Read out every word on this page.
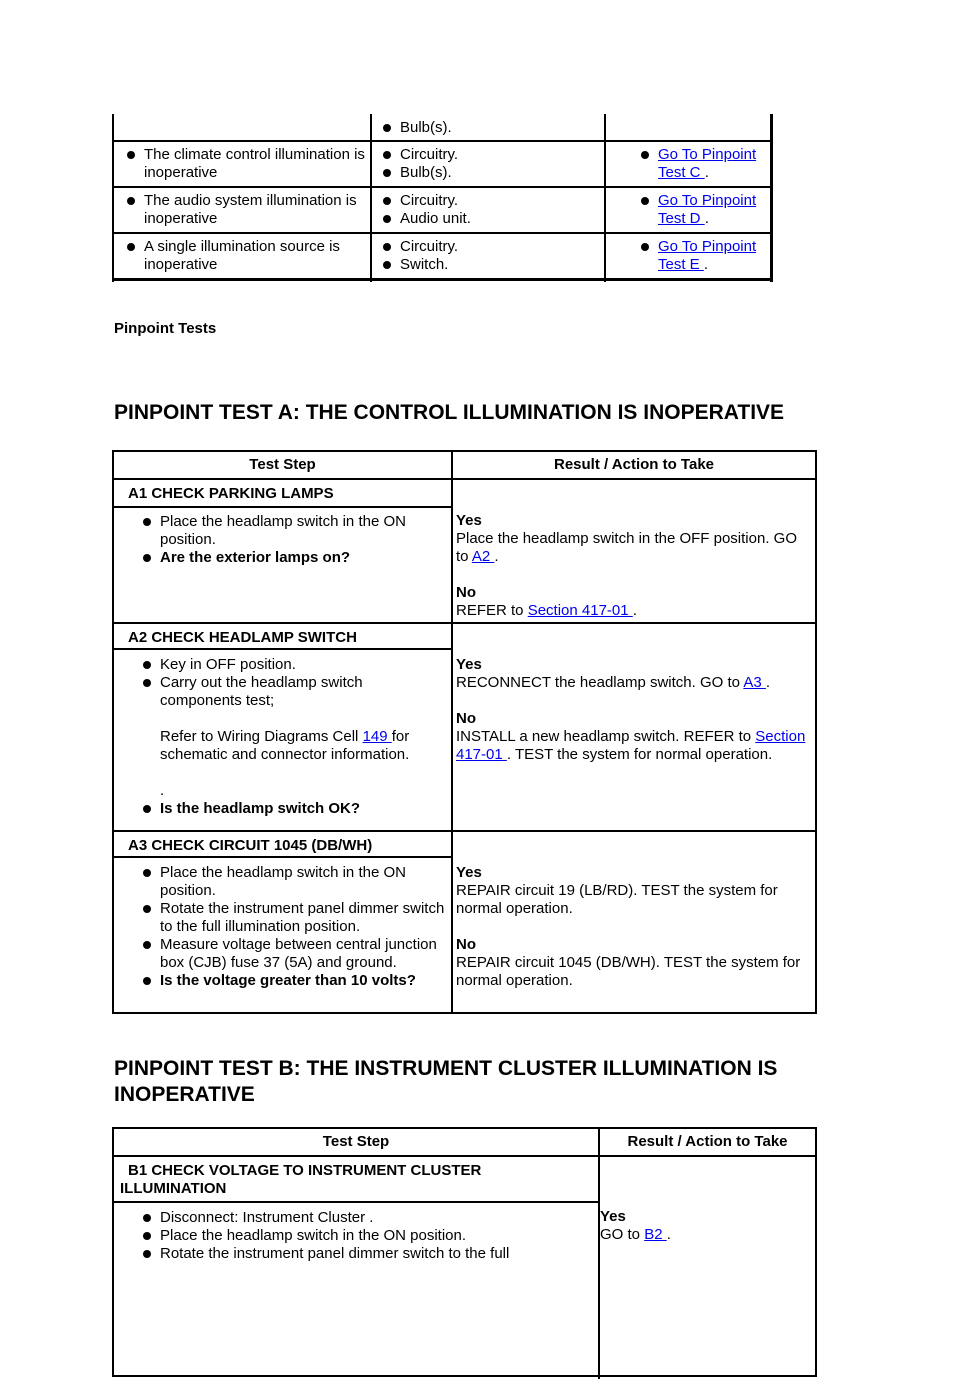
Bulb(s).
The climate control illumination is inoperative
Circuitry.
Bulb(s).
Go To Pinpoint Test C .
The audio system illumination is inoperative
Circuitry.
Audio unit.
Go To Pinpoint Test D .
A single illumination source is inoperative
Circuitry.
Switch.
Go To Pinpoint Test E .
Pinpoint Tests
PINPOINT TEST A: THE CONTROL ILLUMINATION IS INOPERATIVE
Test Step	Result / Action to Take
A1 CHECK PARKING LAMPS
Place the headlamp switch in the ON position.
Are the exterior lamps on?

Yes
Place the headlamp switch in the OFF position. GO to A2 .

No
REFER to Section 417-01 .

A2 CHECK HEADLAMP SWITCH
Key in OFF position.
Carry out the headlamp switch components test;
Refer to Wiring Diagrams Cell 149 for schematic and connector information.
.
Is the headlamp switch OK?

Yes
RECONNECT the headlamp switch. GO to A3 .

No
INSTALL a new headlamp switch. REFER to Section 417-01 . TEST the system for normal operation.

A3 CHECK CIRCUIT 1045 (DB/WH)
Place the headlamp switch in the ON position.
Rotate the instrument panel dimmer switch to the full illumination position.
Measure voltage between central junction box (CJB) fuse 37 (5A) and ground.
Is the voltage greater than 10 volts?

Yes
REPAIR circuit 19 (LB/RD). TEST the system for normal operation.

No
REPAIR circuit 1045 (DB/WH). TEST the system for normal operation.

PINPOINT TEST B: THE INSTRUMENT CLUSTER ILLUMINATION IS INOPERATIVE
Test Step	Result / Action to Take
B1 CHECK VOLTAGE TO INSTRUMENT CLUSTER ILLUMINATION
Disconnect: Instrument Cluster .
Place the headlamp switch in the ON position.
Rotate the instrument panel dimmer switch to the full

Yes
GO to B2 .
